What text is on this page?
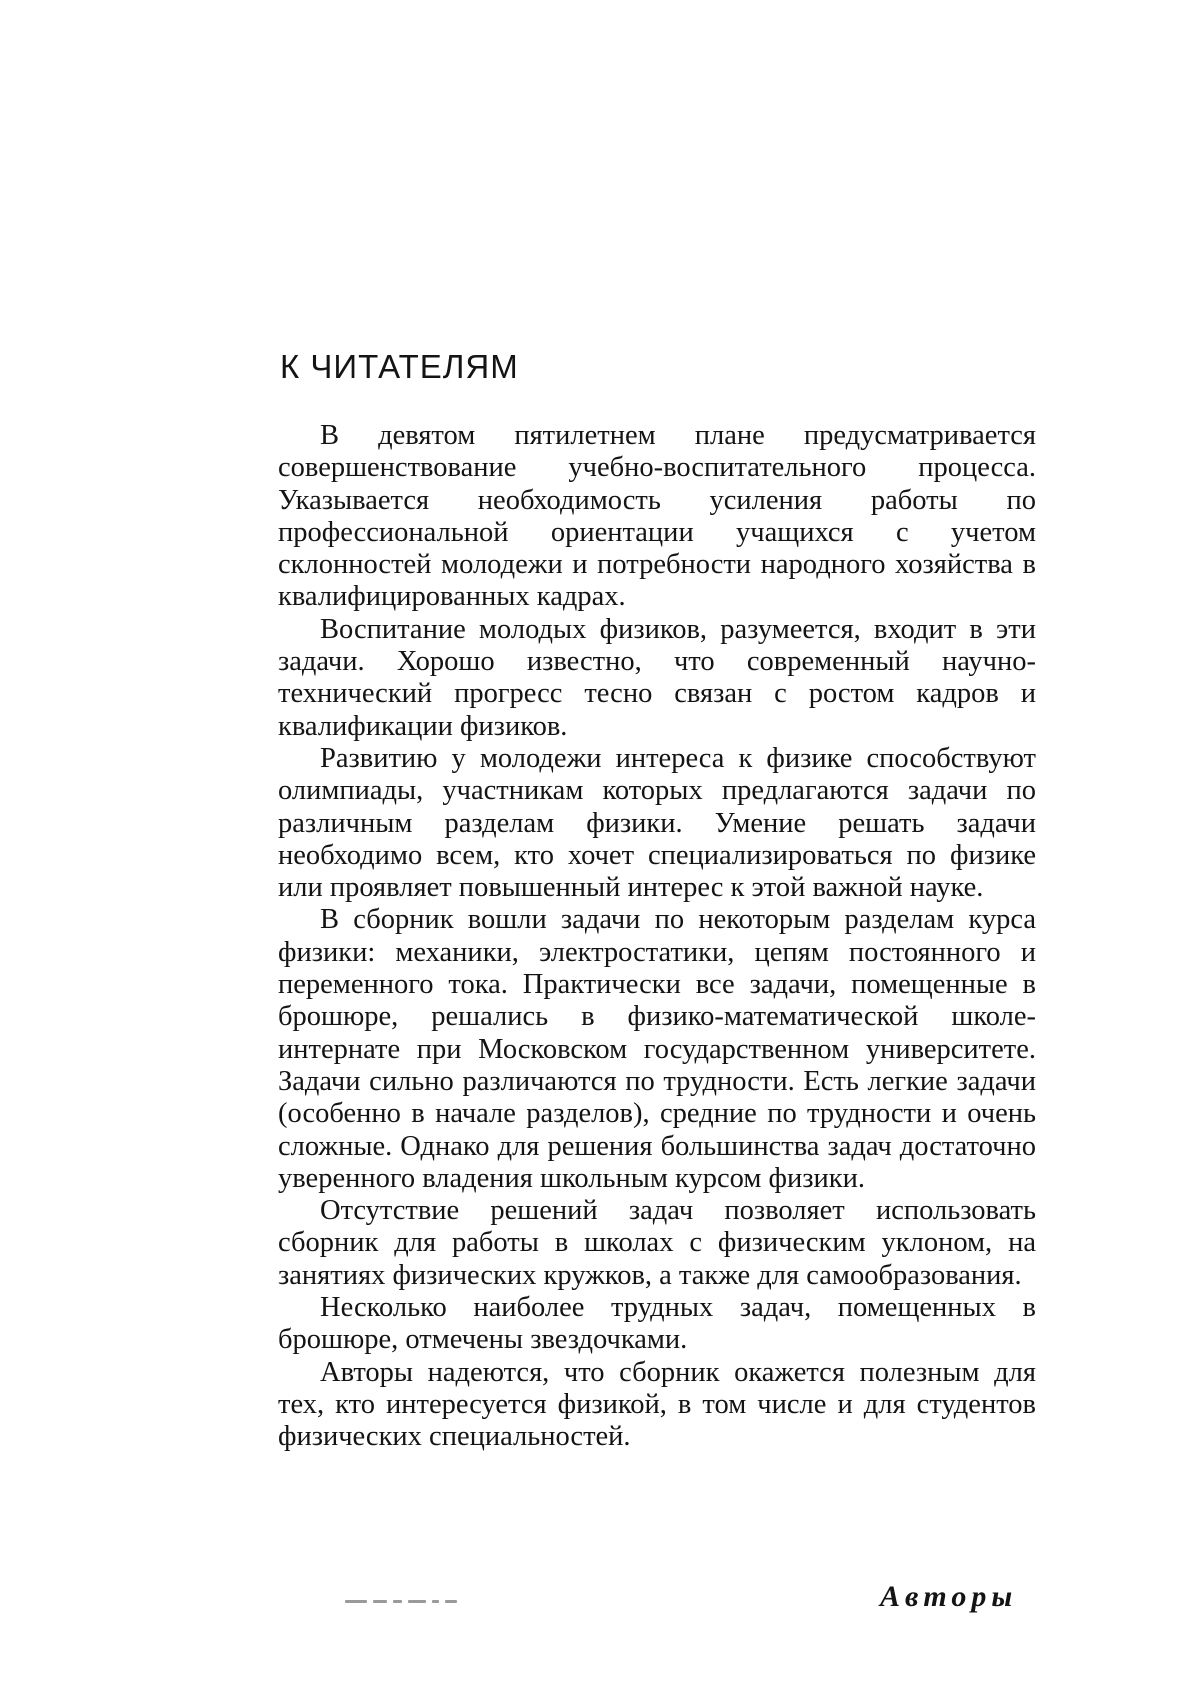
К ЧИТАТЕЛЯМ

В девятом пятилетнем плане предусматривается совершенствование учебно-воспитательного процесса. Указывается необходимость усиления работы по профессиональной ориентации учащихся с учетом склонностей молодежи и потребности народного хозяйства в квалифицированных кадрах.

Воспитание молодых физиков, разумеется, входит в эти задачи. Хорошо известно, что современный научно-технический прогресс тесно связан с ростом кадров и квалификации физиков.

Развитию у молодежи интереса к физике способствуют олимпиады, участникам которых предлагаются задачи по различным разделам физики. Умение решать задачи необходимо всем, кто хочет специализироваться по физике или проявляет повышенный интерес к этой важной науке.

В сборник вошли задачи по некоторым разделам курса физики: механики, электростатики, цепям постоянного и переменного тока. Практически все задачи, помещенные в брошюре, решались в физико-математической школе-интернате при Московском государственном университете. Задачи сильно различаются по трудности. Есть легкие задачи (особенно в начале разделов), средние по трудности и очень сложные. Однако для решения большинства задач достаточно уверенного владения школьным курсом физики.

Отсутствие решений задач позволяет использовать сборник для работы в школах с физическим уклоном, на занятиях физических кружков, а также для самообразования.

Несколько наиболее трудных задач, помещенных в брошюре, отмечены звездочками.

Авторы надеются, что сборник окажется полезным для тех, кто интересуется физикой, в том числе и для студентов физических специальностей.

Авторы
